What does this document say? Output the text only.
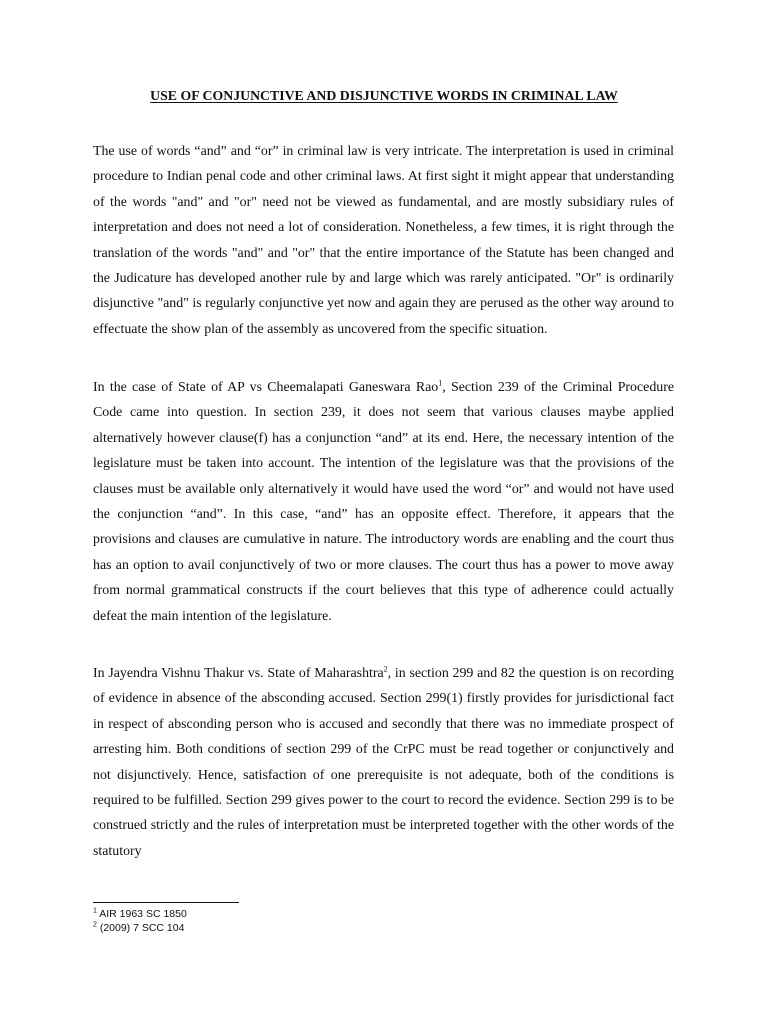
USE OF CONJUNCTIVE AND DISJUNCTIVE WORDS IN CRIMINAL LAW

The use of words “and” and “or” in criminal law is very intricate. The interpretation is used in criminal procedure to Indian penal code and other criminal laws. At first sight it might appear that understanding of the words "and" and "or" need not be viewed as fundamental, and are mostly subsidiary rules of interpretation and does not need a lot of consideration. Nonetheless, a few times, it is right through the translation of the words "and" and "or" that the entire importance of the Statute has been changed and the Judicature has developed another rule by and large which was rarely anticipated. "Or" is ordinarily disjunctive "and" is regularly conjunctive yet now and again they are perused as the other way around to effectuate the show plan of the assembly as uncovered from the specific situation.

In the case of State of AP vs Cheemalapati Ganeswara Rao$^1$, Section 239 of the Criminal Procedure Code came into question. In section 239, it does not seem that various clauses maybe applied alternatively however clause(f) has a conjunction “and” at its end. Here, the necessary intention of the legislature must be taken into account. The intention of the legislature was that the provisions of the clauses must be available only alternatively it would have used the word “or” and would not have used the conjunction “and”. In this case, “and” has an opposite effect. Therefore, it appears that the provisions and clauses are cumulative in nature. The introductory words are enabling and the court thus has an option to avail conjunctively of two or more clauses. The court thus has a power to move away from normal grammatical constructs if the court believes that this type of adherence could actually defeat the main intention of the legislature.

In Jayendra Vishnu Thakur vs. State of Maharashtra$^2$, in section 299 and 82 the question is on recording of evidence in absence of the absconding accused. Section 299(1) firstly provides for jurisdictional fact in respect of absconding person who is accused and secondly that there was no immediate prospect of arresting him. Both conditions of section 299 of the CrPC must be read together or conjunctively and not disjunctively. Hence, satisfaction of one prerequisite is not adequate, both of the conditions is required to be fulfilled. Section 299 gives power to the court to record the evidence. Section 299 is to be construed strictly and the rules of interpretation must be interpreted together with the other words of the statutory

$^1$ AIR 1963 SC 1850
$^2$ (2009) 7 SCC 104
